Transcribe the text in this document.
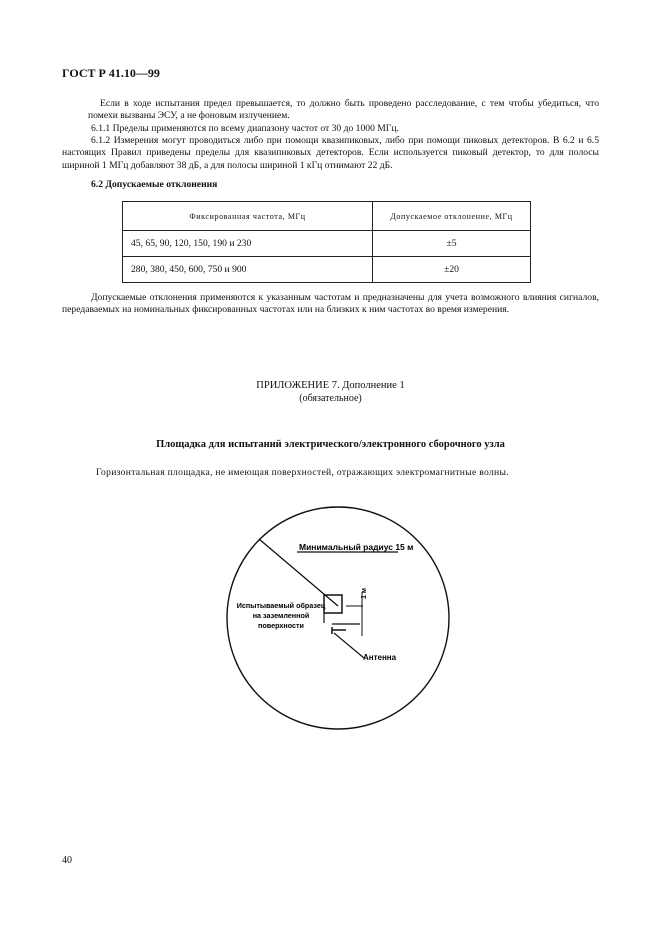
ГОСТ Р 41.10—99
Если в ходе испытания предел превышается, то должно быть проведено расследование, с тем чтобы убедиться, что помехи вызваны ЭСУ, а не фоновым излучением.
6.1.1 Пределы применяются по всему диапазону частот от 30 до 1000 МГц.
6.1.2 Измерения могут проводиться либо при помощи квазипиковых, либо при помощи пиковых детекторов. В 6.2 и 6.5 настоящих Правил приведены пределы для квазипиковых детекторов. Если используется пиковый детектор, то для полосы шириной 1 МГц добавляют 38 дБ, а для полосы шириной 1 кГц отнимают 22 дБ.
6.2 Допускаемые отклонения
Фиксированная частота, МГц	Допускаемое отклонение, МГц
45, 65, 90, 120, 150, 190 и 230	±5
280, 380, 450, 600, 750 и 900	±20
Допускаемые отклонения применяются к указанным частотам и предназначены для учета возможного влияния сигналов, передаваемых на номинальных фиксированных частотах или на близких к ним частотах во время измерения.
ПРИЛОЖЕНИЕ 7. Дополнение 1
(обязательное)
Площадка для испытаний электрического/электронного сборочного узла
Горизонтальная площадка, не имеющая поверхностей, отражающих электромагнитные волны.
Минимальный радиус 15 м
Испытываемый образец
на заземленной
поверхности
1 м
Антенна
40
